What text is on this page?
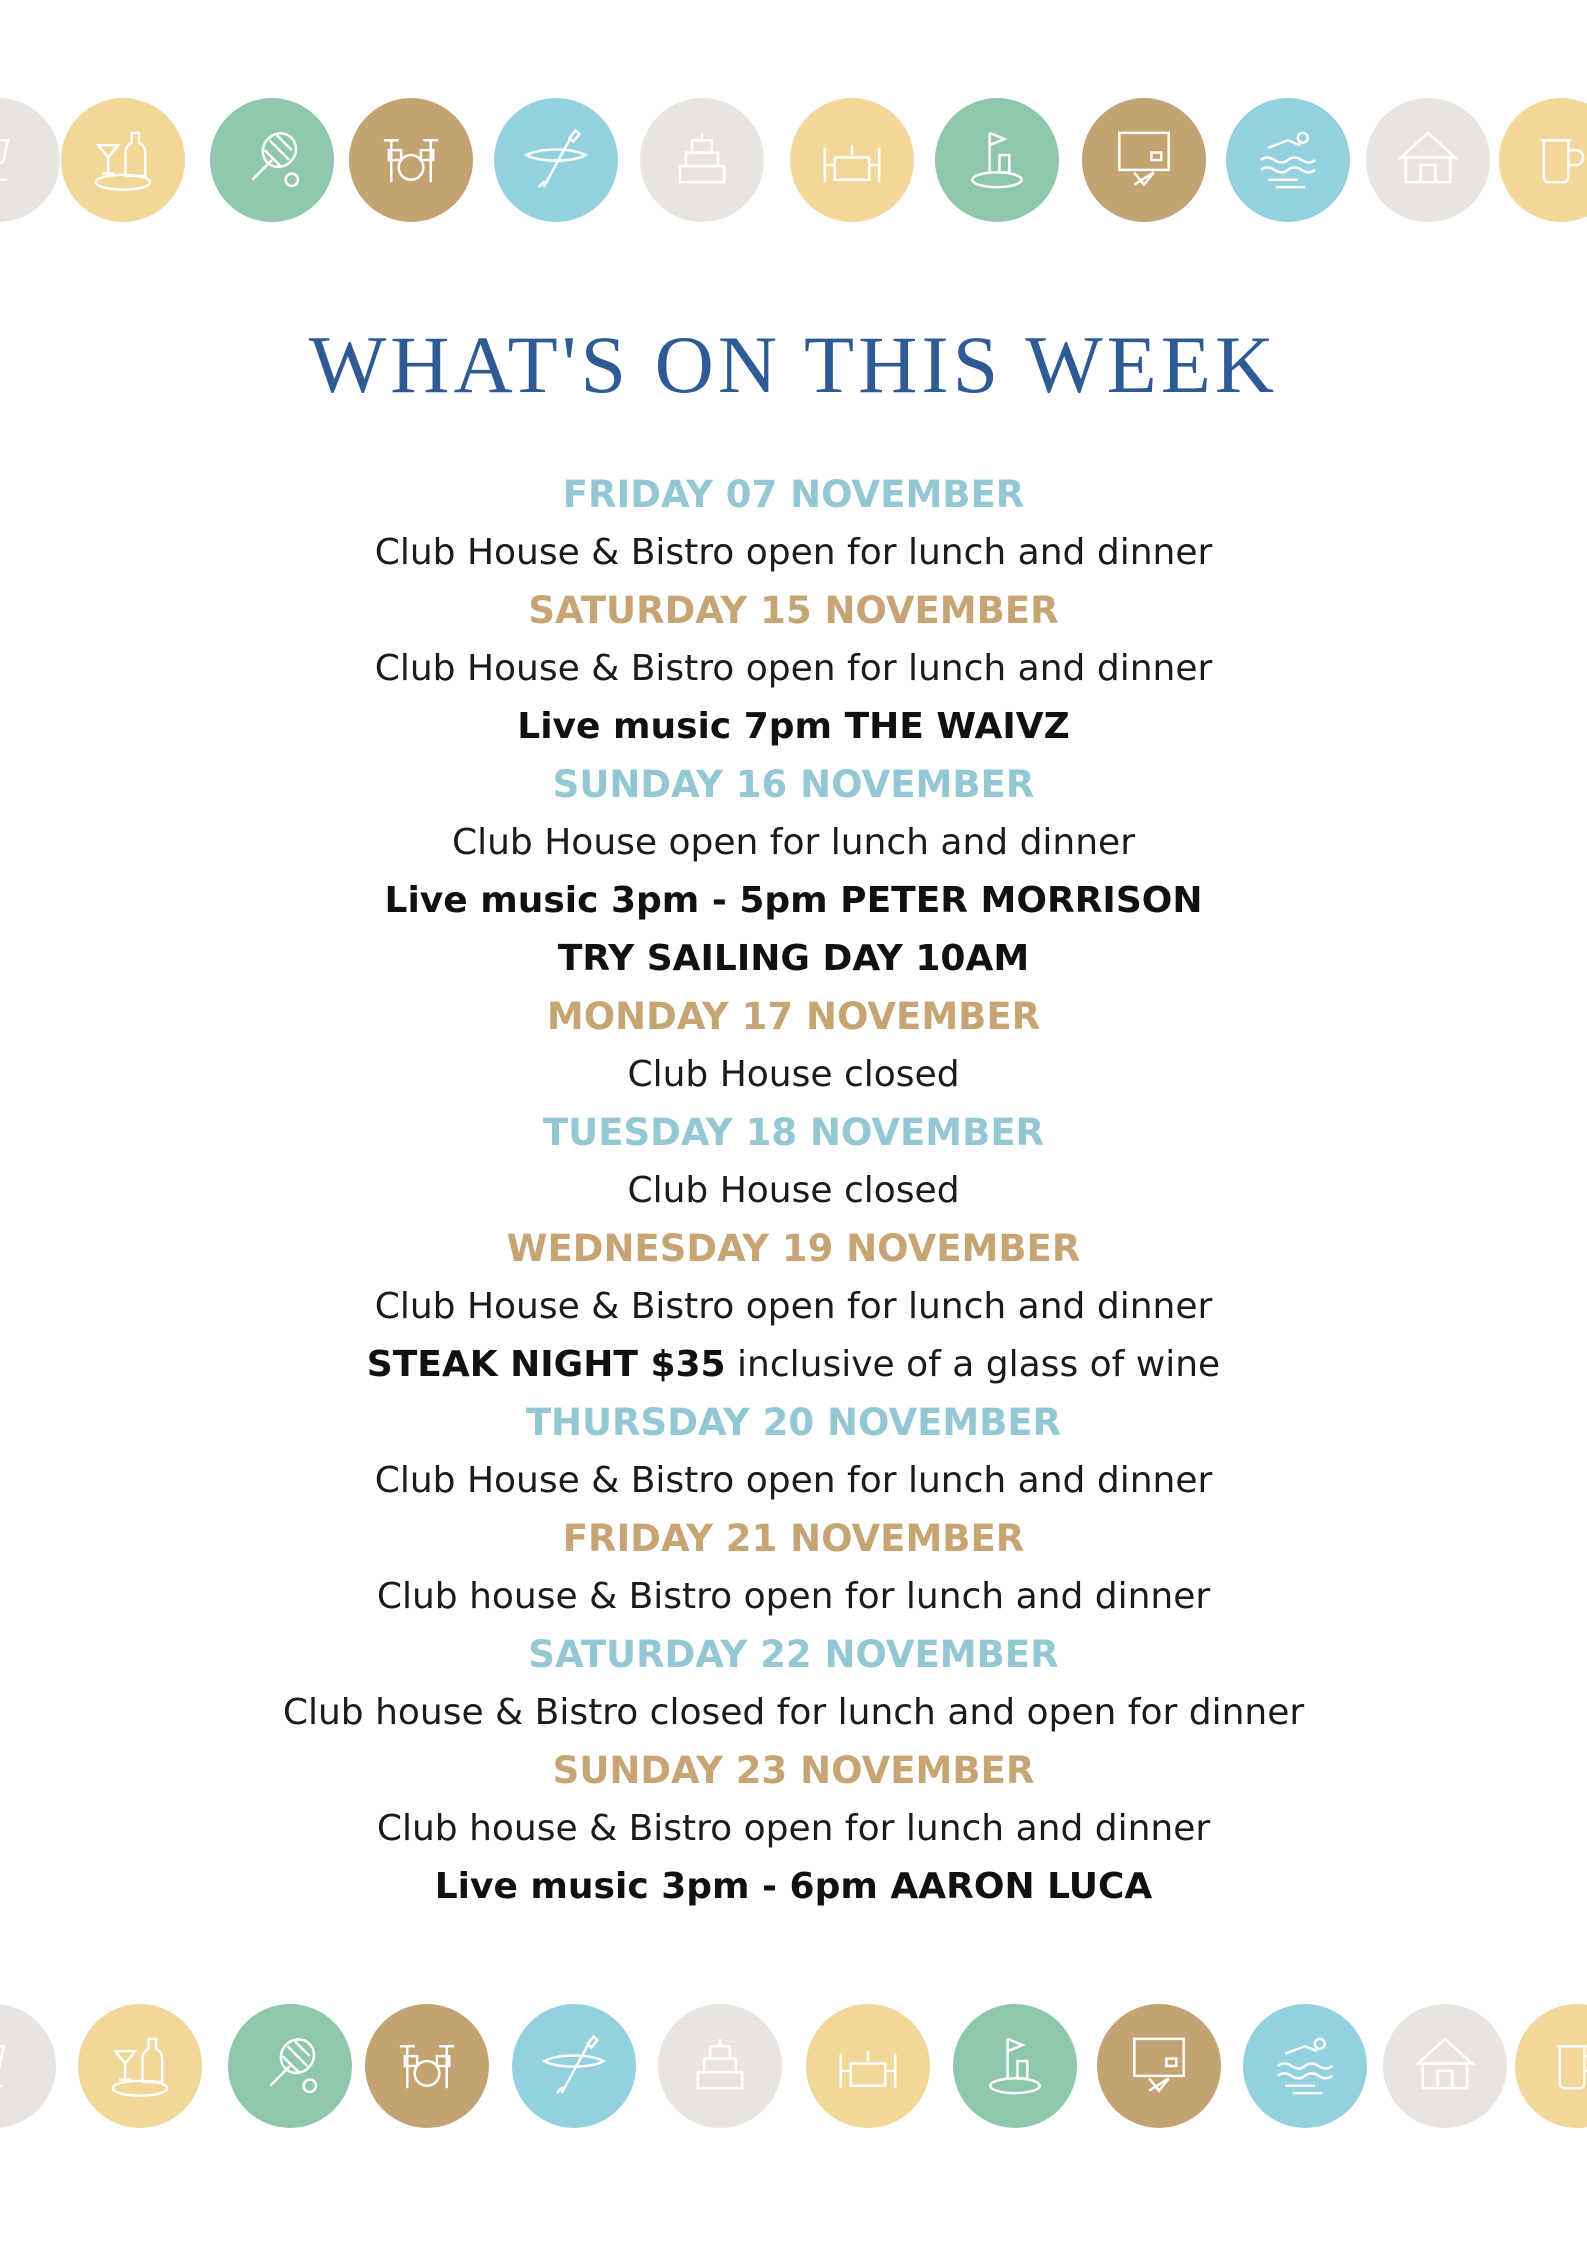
WHAT'S ON THIS WEEK
FRIDAY 07 NOVEMBER
Club House & Bistro open for lunch and dinner
SATURDAY 15 NOVEMBER
Club House & Bistro open for lunch and dinner
Live music 7pm THE WAIVZ
SUNDAY 16 NOVEMBER
Club House open for lunch and dinner
Live music 3pm - 5pm PETER MORRISON
TRY SAILING DAY 10AM
MONDAY 17 NOVEMBER
Club House closed
TUESDAY 18 NOVEMBER
Club House closed
WEDNESDAY 19 NOVEMBER
Club House & Bistro open for lunch and dinner
STEAK NIGHT $35 inclusive of a glass of wine
THURSDAY 20 NOVEMBER
Club House & Bistro open for lunch and dinner
FRIDAY 21 NOVEMBER
Club house & Bistro open for lunch and dinner
SATURDAY 22 NOVEMBER
Club house & Bistro closed for lunch and open for dinner
SUNDAY 23 NOVEMBER
Club house & Bistro open for lunch and dinner
Live music 3pm - 6pm AARON LUCA
